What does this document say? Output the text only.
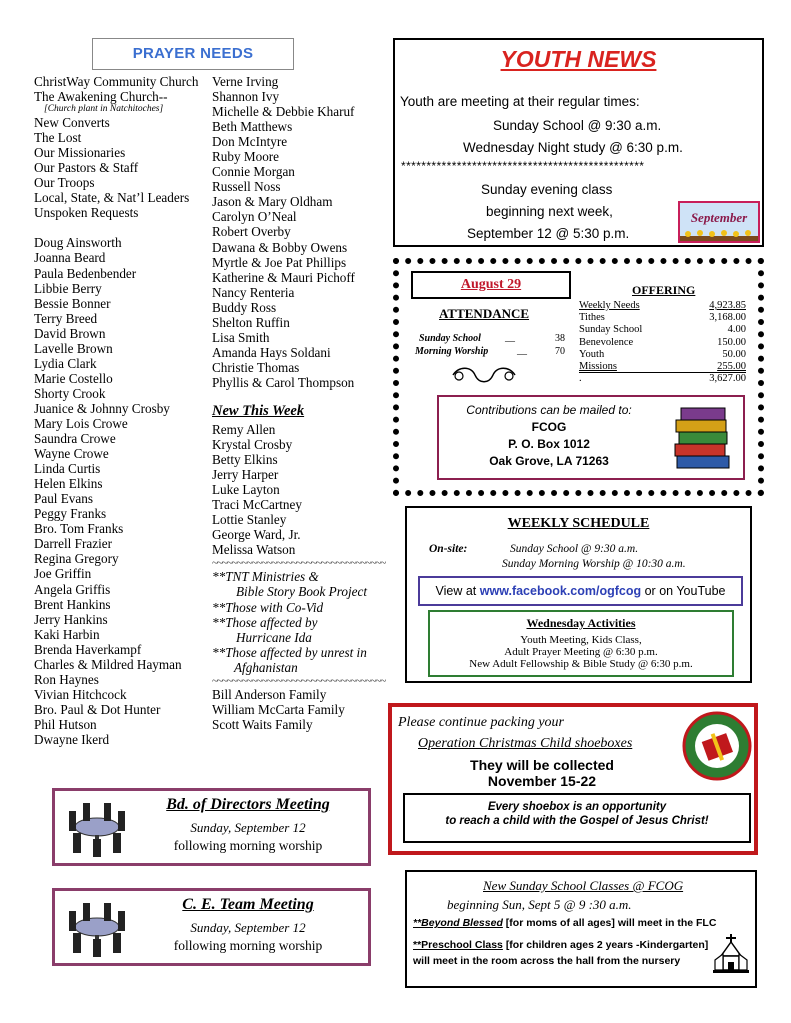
PRAYER NEEDS
ChristWay Community Church
The Awakening Church--
[Church plant in Natchitoches]
New Converts
The Lost
Our Missionaries
Our Pastors & Staff
Our Troops
Local, State, & Nat’l Leaders
Unspoken Requests
Doug Ainsworth
Joanna Beard
Paula Bedenbender
Libbie Berry
Bessie Bonner
Terry Breed
David Brown
Lavelle Brown
Lydia Clark
Marie Costello
Shorty Crook
Juanice & Johnny Crosby
Mary Lois Crowe
Saundra Crowe
Wayne Crowe
Linda Curtis
Helen Elkins
Paul Evans
Peggy Franks
Bro. Tom Franks
Darrell Frazier
Regina Gregory
Joe Griffin
Angela Griffis
Brent Hankins
Jerry Hankins
Kaki Harbin
Brenda Haverkampf
Charles & Mildred Hayman
Ron Haynes
Vivian Hitchcock
Bro. Paul & Dot Hunter
Phil Hutson
Dwayne Ikerd
Verne Irving
Shannon Ivy
Michelle & Debbie Kharuf
Beth Matthews
Don McIntyre
Ruby Moore
Connie Morgan
Russell Noss
Jason & Mary Oldham
Carolyn O’Neal
Robert Overby
Dawana & Bobby Owens
Myrtle & Joe Pat Phillips
Katherine & Mauri Pichoff
Nancy Renteria
Buddy Ross
Shelton Ruffin
Lisa Smith
Amanda Hays Soldani
Christie Thomas
Phyllis & Carol Thompson
New This Week
Remy Allen
Krystal Crosby
Betty Elkins
Jerry Harper
Luke Layton
Traci McCartney
Lottie Stanley
George Ward, Jr.
Melissa Watson
~~~~~~~~~~~~~~~~~~~~~~~~~~~~~~~~~~~
**TNT Ministries &
Bible Story Book Project
**Those with Co-Vid
**Those affected by
Hurricane Ida
**Those affected by unrest in
Afghanistan
~~~~~~~~~~~~~~~~~~~~~~~~~~~~~~~~~~~
Bill Anderson Family
William McCarta Family
Scott Waits Family
YOUTH NEWS
Youth are meeting at their regular times:
Sunday School @ 9:30 a.m.
Wednesday Night study @ 6:30 p.m.
************************************************
Sunday evening class
beginning next week,
September 12 @ 5:30 p.m.
September
August 29
ATTENDANCE
Sunday School __	38
Morning Worship	__	70
OFFERING
Weekly Needs	4,923.85
Tithes	3,168.00
Sunday School	4.00
Benevolence	150.00
Youth	50.00
Missions	255.00
.	3,627.00
Contributions can be mailed to:
FCOG
P. O. Box 1012
Oak Grove, LA 71263
WEEKLY SCHEDULE
On-site:	Sunday School @ 9:30 a.m.
Sunday Morning Worship @ 10:30 a.m.
View at www.facebook.com/ogfcog or on YouTube
Wednesday Activities
Youth Meeting, Kids Class,
Adult Prayer Meeting @ 6:30 p.m.
New Adult Fellowship & Bible Study @ 6:30 p.m.
Please continue packing your
Operation Christmas Child shoeboxes
They will be collected
November 15-22
Every shoebox is an opportunity
to reach a child with the Gospel of Jesus Christ!
New Sunday School Classes @ FCOG
beginning Sun, Sept 5 @ 9 :30 a.m.
**Beyond Blessed [for moms of all ages] will meet in the FLC
**Preschool Class [for children ages 2 years -Kindergarten]
will meet in the room across the hall from the nursery
Bd. of Directors Meeting
Sunday, September 12
following morning worship
C. E. Team Meeting
Sunday, September 12
following morning worship
